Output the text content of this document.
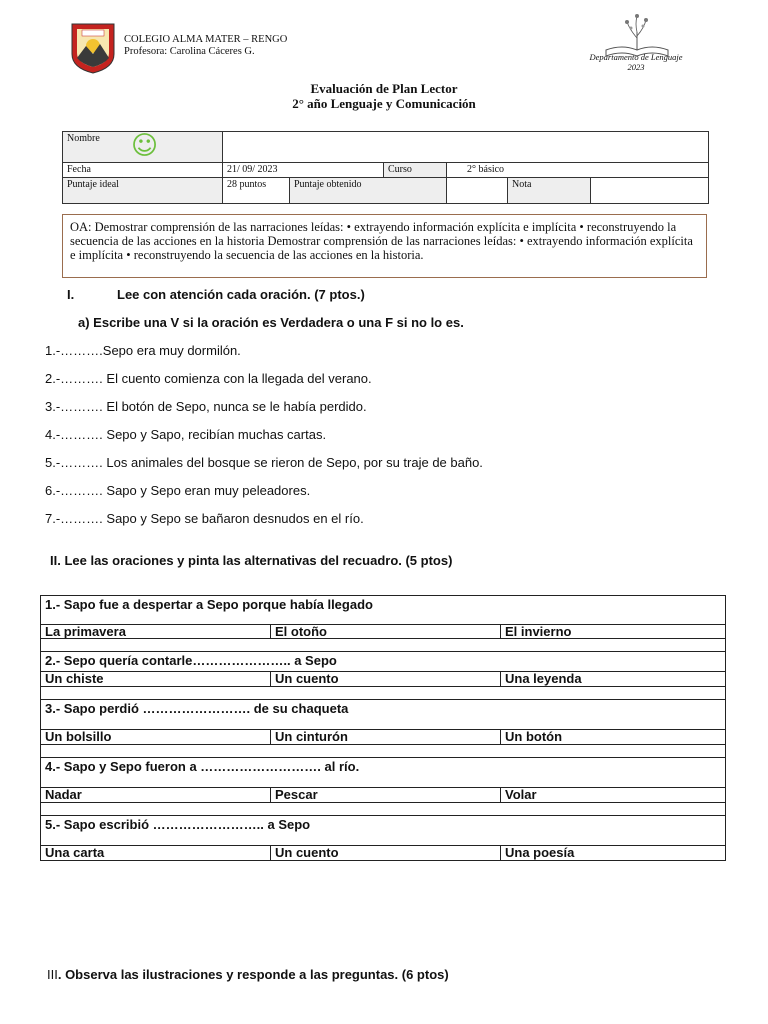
COLEGIO ALMA MATER – RENGO
Profesora: Carolina Cáceres G.	Departamento de Lenguaje
2023
Evaluación de Plan Lector
2° año Lenguaje y Comunicación
Nombre ☺
Fecha	21/ 09/ 2023	Curso	2° básico
Puntaje ideal	28 puntos	Puntaje obtenido	Nota
OA: Demostrar comprensión de las narraciones leídas: • extrayendo información explícita e implícita • reconstruyendo la secuencia de las acciones en la historia Demostrar comprensión de las narraciones leídas: • extrayendo información explícita e implícita • reconstruyendo la secuencia de las acciones en la historia.
I.	Lee con atención cada oración. (7 ptos.)
a) Escribe una V si la oración es Verdadera o una F si no lo es.
1.-……….Sepo era muy dormilón.
2.-………. El cuento comienza con la llegada del verano.
3.-………. El botón de Sepo, nunca se le había perdido.
4.-………. Sepo y Sapo, recibían muchas cartas.
5.-………. Los animales del bosque se rieron de Sepo, por su traje de baño.
6.-………. Sapo y Sepo eran muy peleadores.
7.-………. Sapo y Sepo se bañaron desnudos en el río.
II. Lee las oraciones y pinta las alternativas del recuadro. (5 ptos)
1.- Sapo fue a despertar a Sepo porque había llegado
La primavera	El otoño	El invierno
2.- Sepo quería contarle………………….. a Sepo
Un chiste	Un cuento	Una leyenda
3.- Sapo perdió ……………………. de su chaqueta
Un bolsillo	Un cinturón	Un botón
4.- Sapo y Sepo fueron a ………………………. al río.
Nadar	Pescar	Volar
5.- Sapo escribió …………………….. a Sepo
Una carta	Un cuento	Una poesía
III. Observa las ilustraciones y responde a las preguntas. (6 ptos)
